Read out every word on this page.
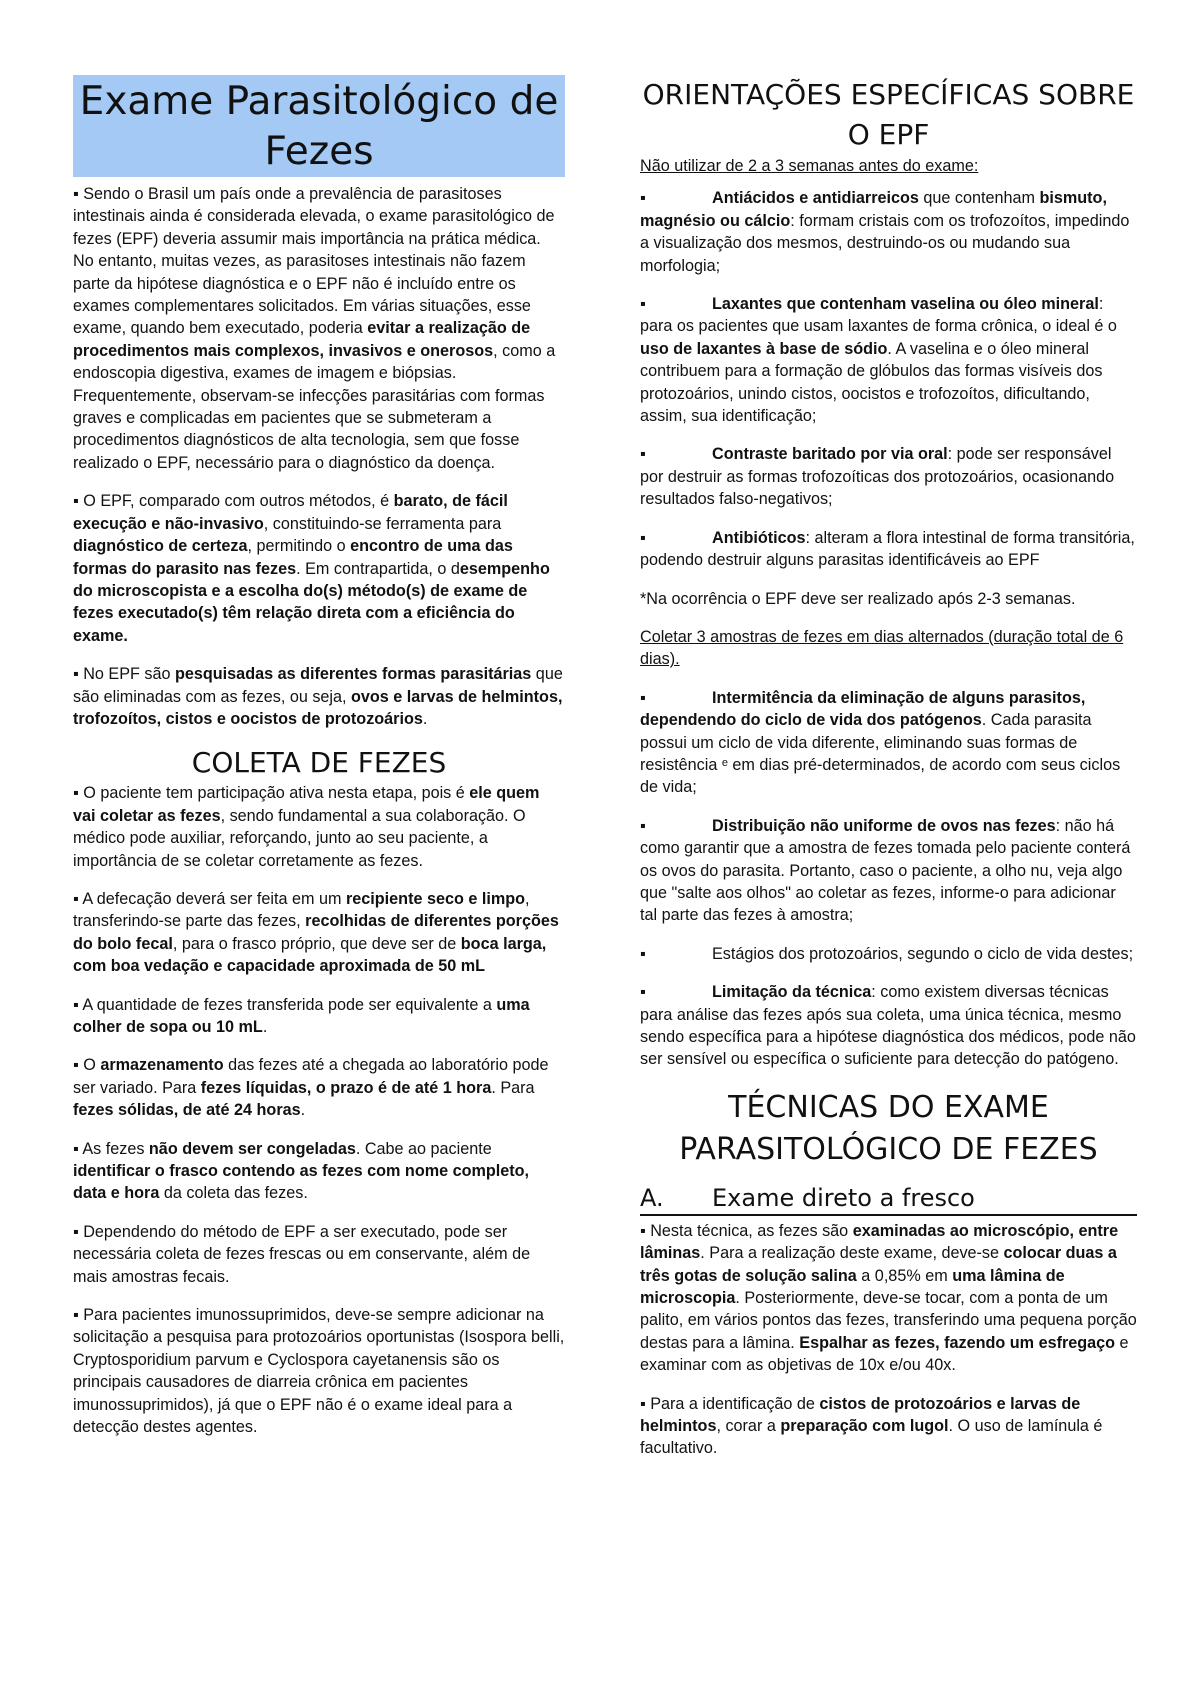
Exame Parasitológico de Fezes

▪ Sendo o Brasil um país onde a prevalência de parasitoses intestinais ainda é considerada elevada, o exame parasitológico de fezes (EPF) deveria assumir mais importância na prática médica. No entanto, muitas vezes, as parasitoses intestinais não fazem parte da hipótese diagnóstica e o EPF não é incluído entre os exames complementares solicitados. Em várias situações, esse exame, quando bem executado, poderia evitar a realização de procedimentos mais complexos, invasivos e onerosos, como a endoscopia digestiva, exames de imagem e biópsias. Frequentemente, observam-se infecções parasitárias com formas graves e complicadas em pacientes que se submeteram a procedimentos diagnósticos de alta tecnologia, sem que fosse realizado o EPF, necessário para o diagnóstico da doença.

▪ O EPF, comparado com outros métodos, é barato, de fácil execução e não-invasivo, constituindo-se ferramenta para diagnóstico de certeza, permitindo o encontro de uma das formas do parasito nas fezes. Em contrapartida, o desempenho do microscopista e a escolha do(s) método(s) de exame de fezes executado(s) têm relação direta com a eficiência do exame.

▪ No EPF são pesquisadas as diferentes formas parasitárias que são eliminadas com as fezes, ou seja, ovos e larvas de helmintos, trofozoítos, cistos e oocistos de protozoários.

COLETA DE FEZES

▪ O paciente tem participação ativa nesta etapa, pois é ele quem vai coletar as fezes, sendo fundamental a sua colaboração. O médico pode auxiliar, reforçando, junto ao seu paciente, a importância de se coletar corretamente as fezes.

▪ A defecação deverá ser feita em um recipiente seco e limpo, transferindo-se parte das fezes, recolhidas de diferentes porções do bolo fecal, para o frasco próprio, que deve ser de boca larga, com boa vedação e capacidade aproximada de 50 mL

▪ A quantidade de fezes transferida pode ser equivalente a uma colher de sopa ou 10 mL.

▪ O armazenamento das fezes até a chegada ao laboratório pode ser variado. Para fezes líquidas, o prazo é de até 1 hora. Para fezes sólidas, de até 24 horas.

▪ As fezes não devem ser congeladas. Cabe ao paciente identificar o frasco contendo as fezes com nome completo, data e hora da coleta das fezes.

▪ Dependendo do método de EPF a ser executado, pode ser necessária coleta de fezes frescas ou em conservante, além de mais amostras fecais.

▪ Para pacientes imunossuprimidos, deve-se sempre adicionar na solicitação a pesquisa para protozoários oportunistas (Isospora belli, Cryptosporidium parvum e Cyclospora cayetanensis são os principais causadores de diarreia crônica em pacientes imunossuprimidos), já que o EPF não é o exame ideal para a detecção destes agentes.

ORIENTAÇÕES ESPECÍFICAS SOBRE O EPF

Não utilizar de 2 a 3 semanas antes do exame:

▪	Antiácidos e antidiarreicos que contenham bismuto, magnésio ou cálcio: formam cristais com os trofozoítos, impedindo a visualização dos mesmos, destruindo-os ou mudando sua morfologia;

▪	Laxantes que contenham vaselina ou óleo mineral: para os pacientes que usam laxantes de forma crônica, o ideal é o uso de laxantes à base de sódio. A vaselina e o óleo mineral contribuem para a formação de glóbulos das formas visíveis dos protozoários, unindo cistos, oocistos e trofozoítos, dificultando, assim, sua identificação;

▪	Contraste baritado por via oral: pode ser responsável por destruir as formas trofozoíticas dos protozoários, ocasionando resultados falso-negativos;

▪	Antibióticos: alteram a flora intestinal de forma transitória, podendo destruir alguns parasitas identificáveis ao EPF

*Na ocorrência o EPF deve ser realizado após 2-3 semanas.

Coletar 3 amostras de fezes em dias alternados (duração total de 6 dias).

▪	Intermitência da eliminação de alguns parasitos, dependendo do ciclo de vida dos patógenos. Cada parasita possui um ciclo de vida diferente, eliminando suas formas de resistência ᵉ em dias pré-determinados, de acordo com seus ciclos de vida;

▪	Distribuição não uniforme de ovos nas fezes: não há como garantir que a amostra de fezes tomada pelo paciente conterá os ovos do parasita. Portanto, caso o paciente, a olho nu, veja algo que "salte aos olhos" ao coletar as fezes, informe-o para adicionar tal parte das fezes à amostra;

▪	Estágios dos protozoários, segundo o ciclo de vida destes;

▪	Limitação da técnica: como existem diversas técnicas para análise das fezes após sua coleta, uma única técnica, mesmo sendo específica para a hipótese diagnóstica dos médicos, pode não ser sensível ou específica o suficiente para detecção do patógeno.

TÉCNICAS DO EXAME PARASITOLÓGICO DE FEZES
A. Exame direto a fresco

▪ Nesta técnica, as fezes são examinadas ao microscópio, entre lâminas. Para a realização deste exame, deve-se colocar duas a três gotas de solução salina a 0,85% em uma lâmina de microscopia. Posteriormente, deve-se tocar, com a ponta de um palito, em vários pontos das fezes, transferindo uma pequena porção destas para a lâmina. Espalhar as fezes, fazendo um esfregaço e examinar com as objetivas de 10x e/ou 40x.

▪ Para a identificação de cistos de protozoários e larvas de helmintos, corar a preparação com lugol. O uso de lamínula é facultativo.
